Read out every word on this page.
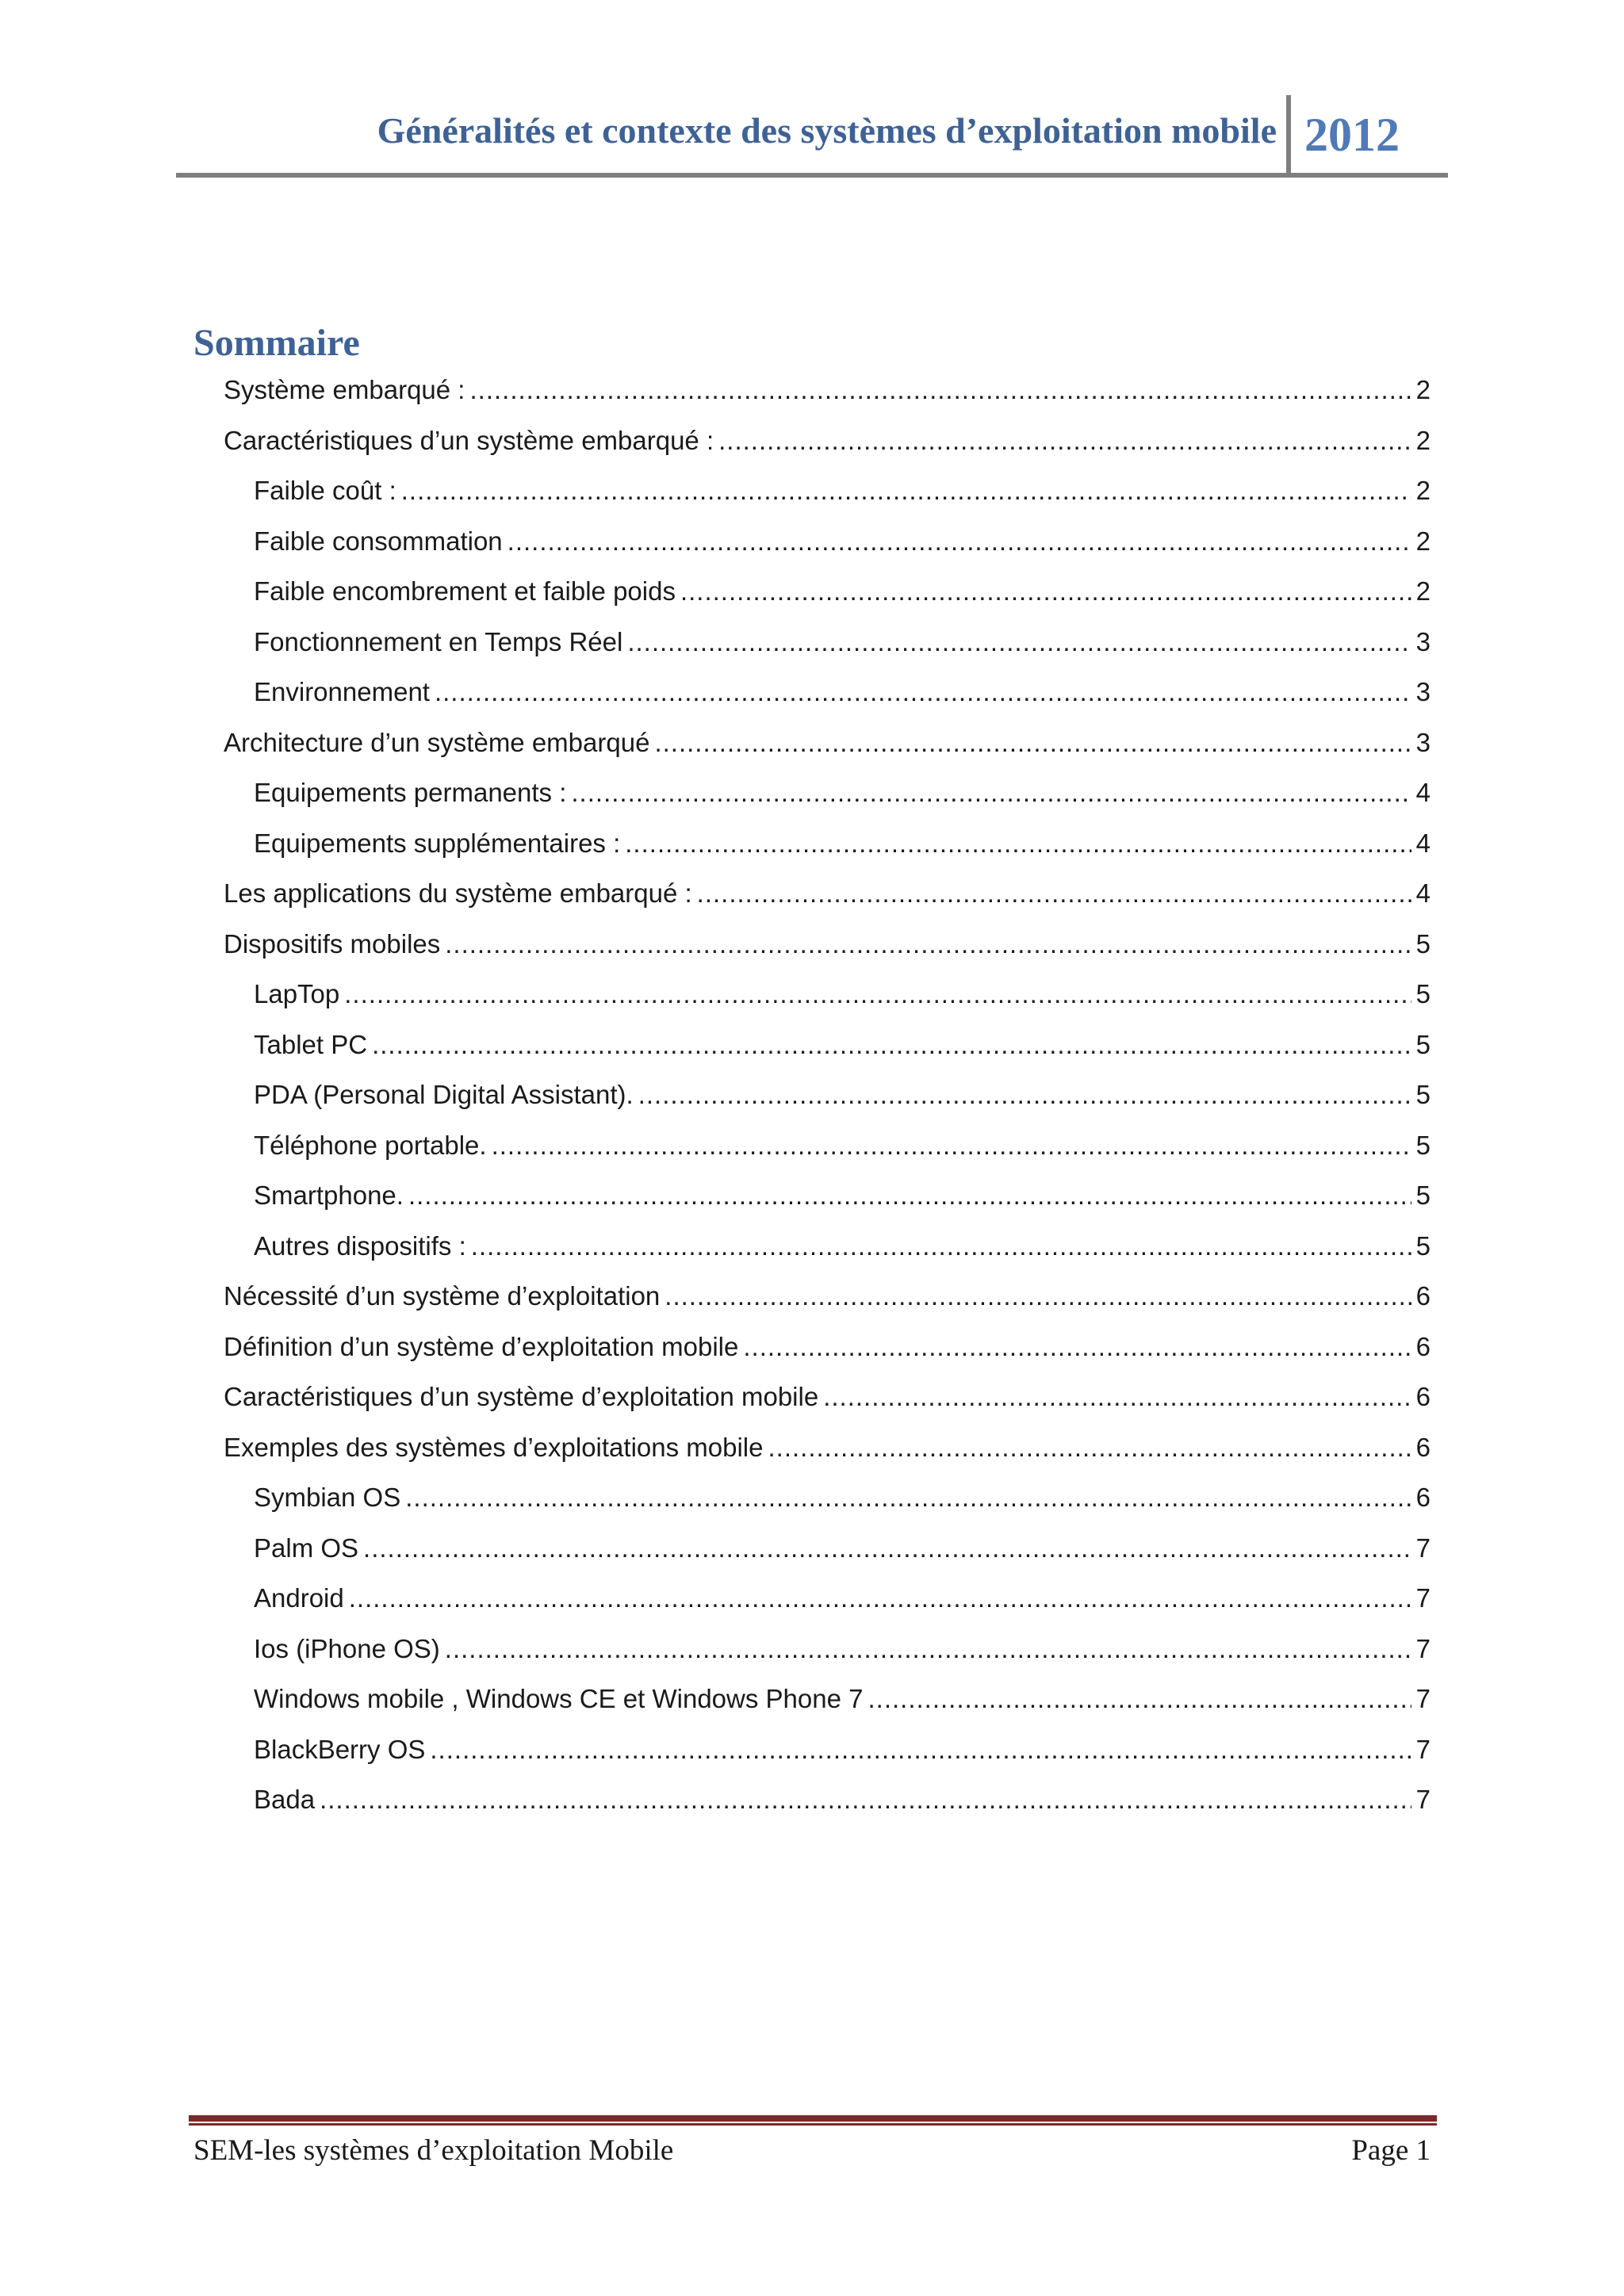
Généralités et contexte des systèmes d’exploitation mobile 2012
Sommaire
Système embarqué : .....	2
Caractéristiques d’un système embarqué : .....	2
Faible coût : .....	2
Faible consommation .....	2
Faible encombrement et faible poids .....	2
Fonctionnement en Temps Réel .....	3
Environnement .....	3
Architecture d’un système embarqué .....	3
Equipements permanents : .....	4
Equipements supplémentaires : .....	4
Les applications du système embarqué : .....	4
Dispositifs mobiles .....	5
LapTop .....	5
Tablet PC .....	5
PDA (Personal Digital Assistant). .....	5
Téléphone portable. .....	5
Smartphone. .....	5
Autres dispositifs : .....	5
Nécessité d’un système d’exploitation .....	6
Définition d’un système d’exploitation mobile .....	6
Caractéristiques d’un système d’exploitation mobile .....	6
Exemples des systèmes d’exploitations mobile .....	6
Symbian OS .....	6
Palm OS .....	7
Android .....	7
Ios (iPhone OS) .....	7
Windows mobile , Windows CE et Windows Phone 7 .....	7
BlackBerry OS .....	7
Bada .....	7
SEM-les systèmes d’exploitation Mobile	Page 1
